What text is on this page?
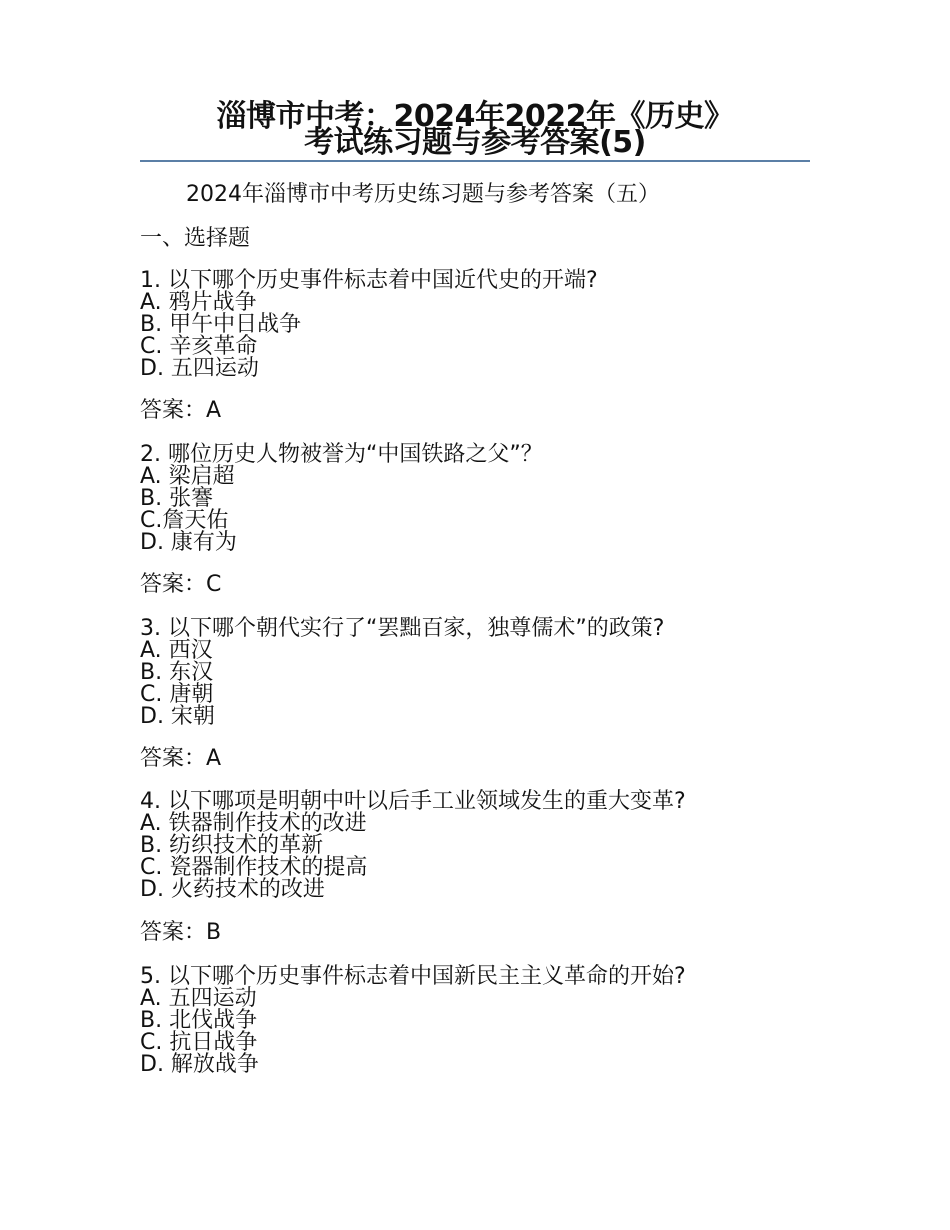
淄博市中考：2024年2022年《历史》
考试练习题与参考答案(5)
2024年淄博市中考历史练习题与参考答案（五）
一、选择题
1. 以下哪个历史事件标志着中国近代史的开端?
A. 鸦片战争
B. 甲午中日战争
C. 辛亥革命
D. 五四运动
答案：A
2. 哪位历史人物被誉为“中国铁路之父”？
A. 梁启超
B. 张謇
C.詹天佑
D. 康有为
答案：C
3. 以下哪个朝代实行了“罢黜百家，独尊儒术”的政策?
A. 西汉
B. 东汉
C. 唐朝
D. 宋朝
答案：A
4. 以下哪项是明朝中叶以后手工业领域发生的重大变革?
A. 铁器制作技术的改进
B. 纺织技术的革新
C. 瓷器制作技术的提高
D. 火药技术的改进
答案：B
5. 以下哪个历史事件标志着中国新民主主义革命的开始?
A. 五四运动
B. 北伐战争
C. 抗日战争
D. 解放战争
